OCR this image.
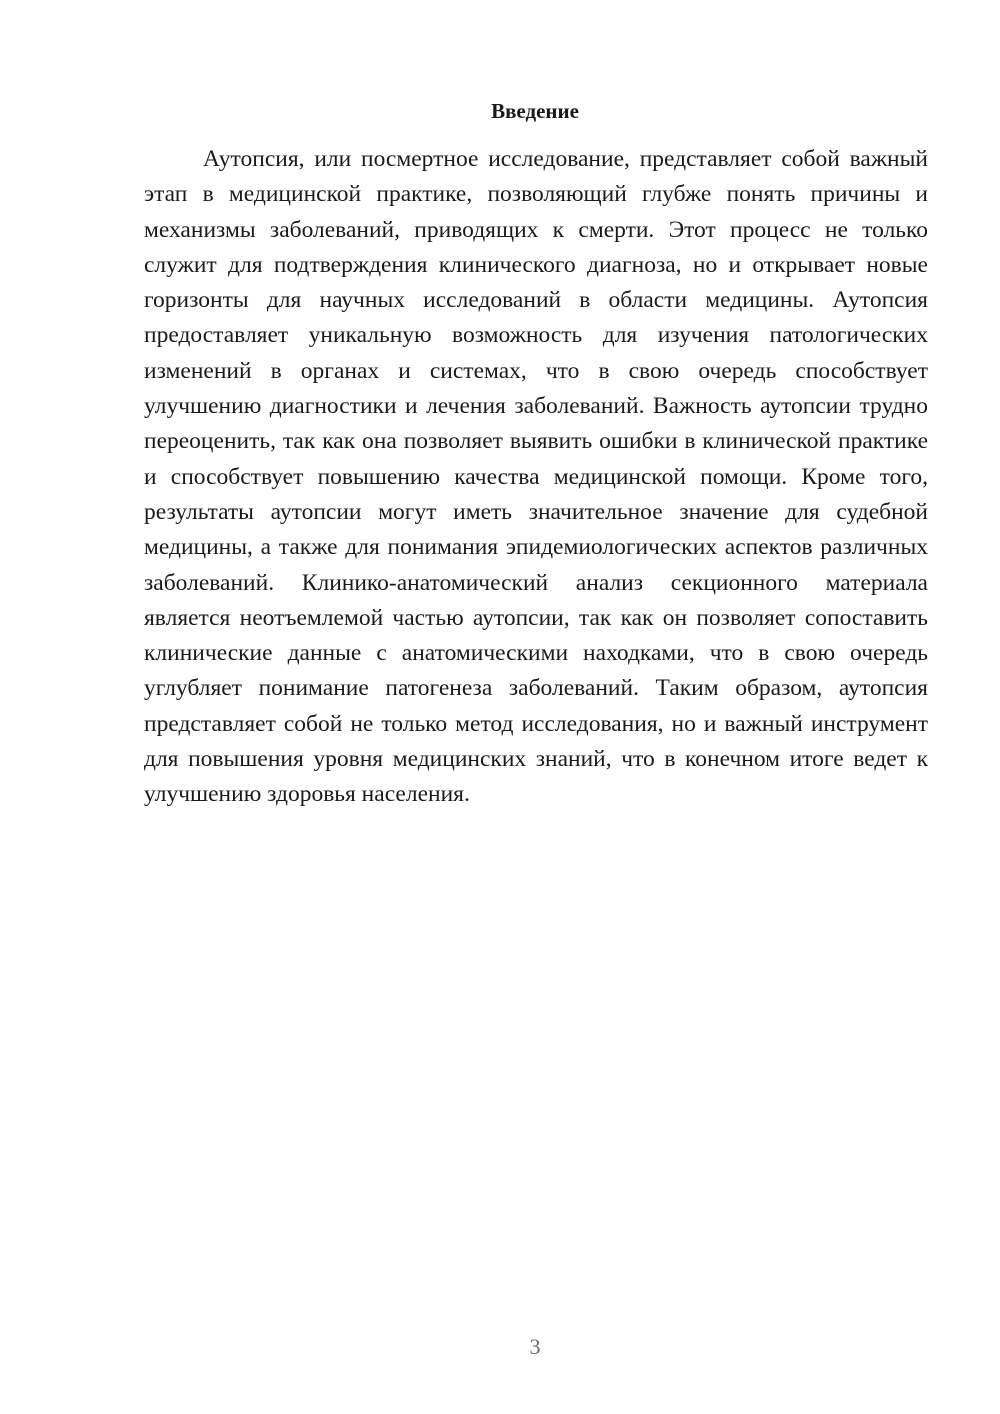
Введение

Аутопсия, или посмертное исследование, представляет собой важный этап в медицинской практике, позволяющий глубже понять причины и механизмы заболеваний, приводящих к смерти. Этот процесс не только служит для подтверждения клинического диагноза, но и открывает новые горизонты для научных исследований в области медицины. Аутопсия предоставляет уникальную возможность для изучения патологических изменений в органах и системах, что в свою очередь способствует улучшению диагностики и лечения заболеваний. Важность аутопсии трудно переоценить, так как она позволяет выявить ошибки в клинической практике и способствует повышению качества медицинской помощи. Кроме того, результаты аутопсии могут иметь значительное значение для судебной медицины, а также для понимания эпидемиологических аспектов различных заболеваний. Клинико-анатомический анализ секционного материала является неотъемлемой частью аутопсии, так как он позволяет сопоставить клинические данные с анатомическими находками, что в свою очередь углубляет понимание патогенеза заболеваний. Таким образом, аутопсия представляет собой не только метод исследования, но и важный инструмент для повышения уровня медицинских знаний, что в конечном итоге ведет к улучшению здоровья населения.

3
